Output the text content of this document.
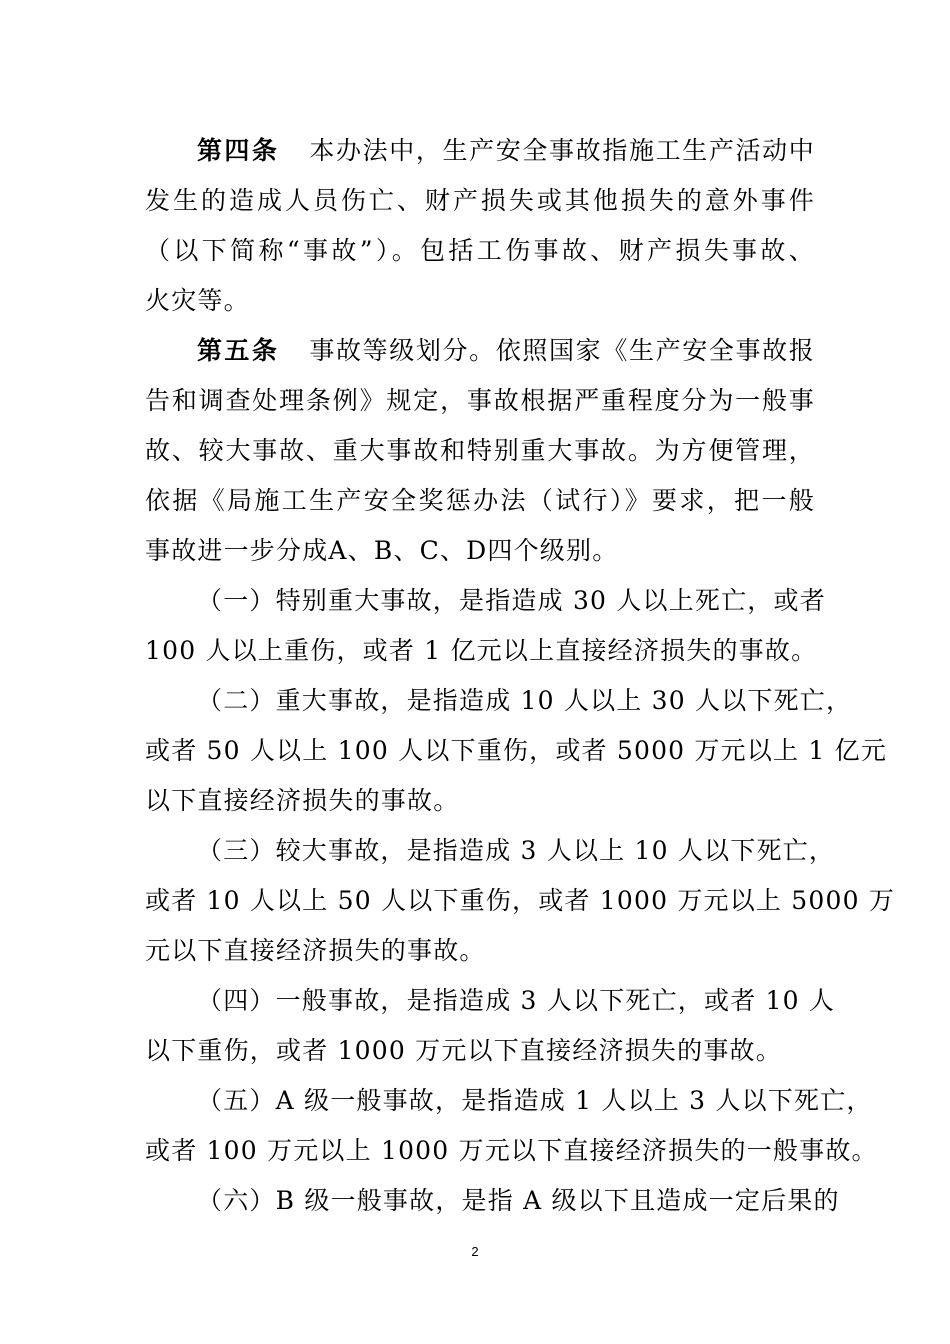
第四条 本办法中，生产安全事故指施工生产活动中
发生的造成人员伤亡、财产损失或其他损失的意外事件
（以下简称“事故”）。包括工伤事故、财产损失事故、
火灾等。
第五条 事故等级划分。依照国家《生产安全事故报
告和调查处理条例》规定，事故根据严重程度分为一般事
故、较大事故、重大事故和特别重大事故。为方便管理，
依据《局施工生产安全奖惩办法（试行）》要求，把一般
事故进一步分成A、B、C、D四个级别。
（一）特别重大事故，是指造成 30 人以上死亡，或者
100 人以上重伤，或者 1 亿元以上直接经济损失的事故。
（二）重大事故，是指造成 10 人以上 30 人以下死亡，
或者 50 人以上 100 人以下重伤，或者 5000 万元以上 1 亿元
以下直接经济损失的事故。
（三）较大事故，是指造成 3 人以上 10 人以下死亡，
或者 10 人以上 50 人以下重伤，或者 1000 万元以上 5000 万
元以下直接经济损失的事故。
（四）一般事故，是指造成 3 人以下死亡，或者 10 人
以下重伤，或者 1000 万元以下直接经济损失的事故。
（五）A 级一般事故，是指造成 1 人以上 3 人以下死亡，
或者 100 万元以上 1000 万元以下直接经济损失的一般事故。
（六）B 级一般事故，是指 A 级以下且造成一定后果的
2
